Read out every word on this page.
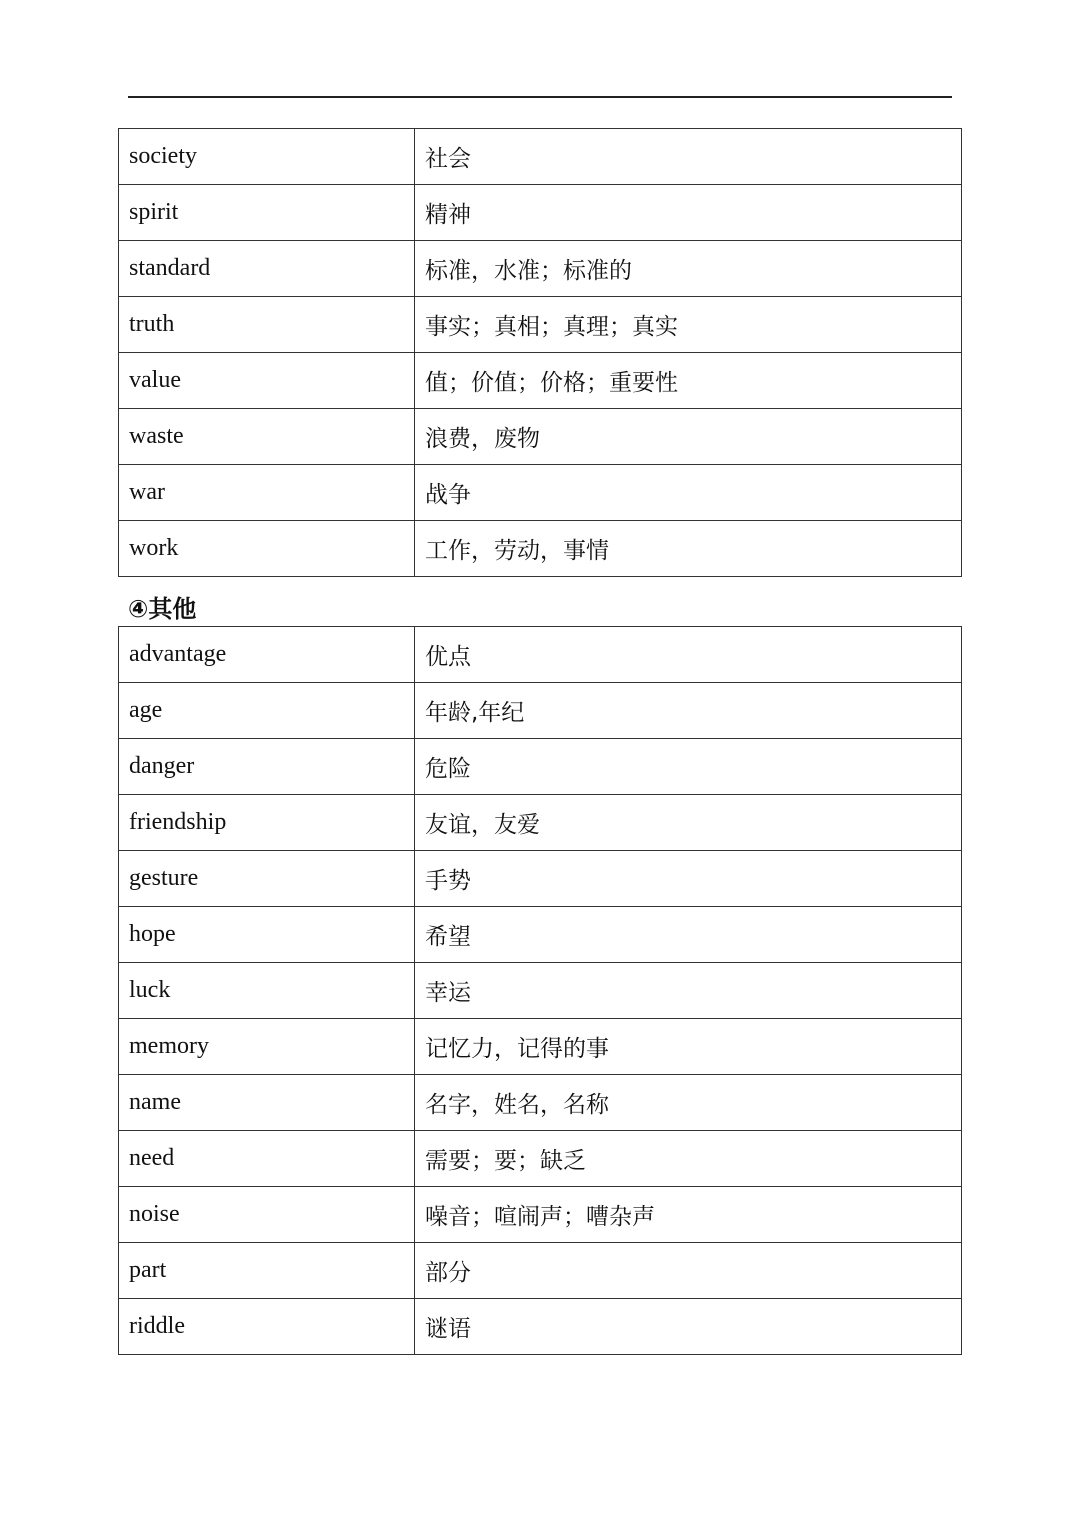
society	社会
spirit	精神
standard	标准，水准；标准的
truth	事实；真相；真理；真实
value	值；价值；价格；重要性
waste	浪费，废物
war	战争
work	工作，劳动，事情
④其他
advantage	优点
age	年龄,年纪
danger	危险
friendship	友谊，友爱
gesture	手势
hope	希望
luck	幸运
memory	记忆力，记得的事
name	名字，姓名，名称
need	需要；要；缺乏
noise	噪音；喧闹声；嘈杂声
part	部分
riddle	谜语
